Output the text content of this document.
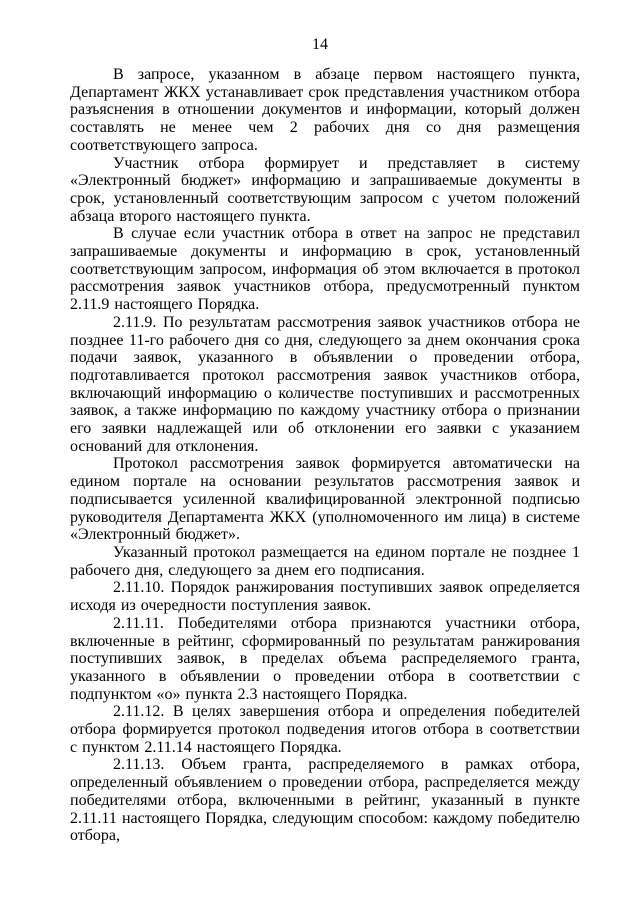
14

В запросе, указанном в абзаце первом настоящего пункта, Департамент ЖКХ устанавливает срок представления участником отбора разъяснения в отношении документов и информации, который должен составлять не менее чем 2 рабочих дня со дня размещения соответствующего запроса.

Участник отбора формирует и представляет в систему «Электронный бюджет» информацию и запрашиваемые документы в срок, установленный соответствующим запросом с учетом положений абзаца второго настоящего пункта.

В случае если участник отбора в ответ на запрос не представил запрашиваемые документы и информацию в срок, установленный соответствующим запросом, информация об этом включается в протокол рассмотрения заявок участников отбора, предусмотренный пунктом 2.11.9 настоящего Порядка.

2.11.9. По результатам рассмотрения заявок участников отбора не позднее 11-го рабочего дня со дня, следующего за днем окончания срока подачи заявок, указанного в объявлении о проведении отбора, подготавливается протокол рассмотрения заявок участников отбора, включающий информацию о количестве поступивших и рассмотренных заявок, а также информацию по каждому участнику отбора о признании его заявки надлежащей или об отклонении его заявки с указанием оснований для отклонения.

Протокол рассмотрения заявок формируется автоматически на едином портале на основании результатов рассмотрения заявок и подписывается усиленной квалифицированной электронной подписью руководителя Департамента ЖКХ (уполномоченного им лица) в системе «Электронный бюджет».

Указанный протокол размещается на едином портале не позднее 1 рабочего дня, следующего за днем его подписания.

2.11.10. Порядок ранжирования поступивших заявок определяется исходя из очередности поступления заявок.

2.11.11. Победителями отбора признаются участники отбора, включенные в рейтинг, сформированный по результатам ранжирования поступивших заявок, в пределах объема распределяемого гранта, указанного в объявлении о проведении отбора в соответствии с подпунктом «о» пункта 2.3 настоящего Порядка.

2.11.12. В целях завершения отбора и определения победителей отбора формируется протокол подведения итогов отбора в соответствии с пунктом 2.11.14 настоящего Порядка.

2.11.13. Объем гранта, распределяемого в рамках отбора, определенный объявлением о проведении отбора, распределяется между победителями отбора, включенными в рейтинг, указанный в пункте 2.11.11 настоящего Порядка, следующим способом: каждому победителю отбора,
